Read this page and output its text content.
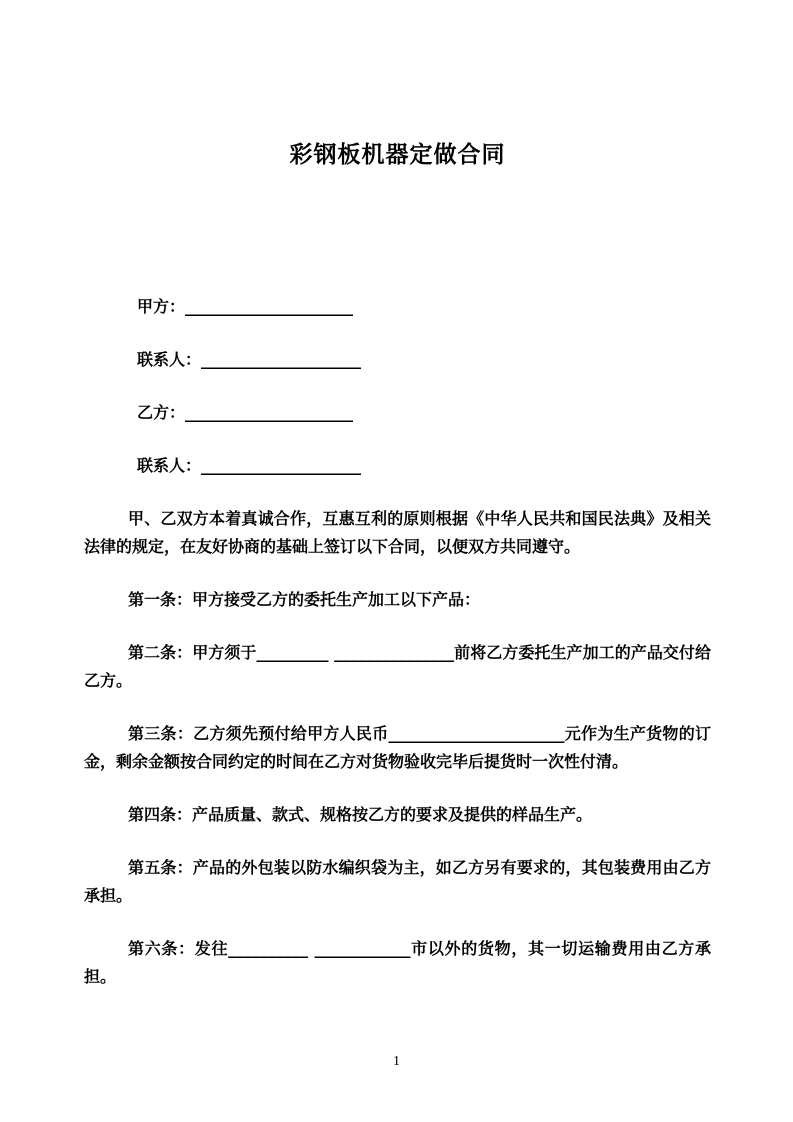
彩钢板机器定做合同

甲方：_____________________

联系人：____________________

乙方：_____________________

联系人：____________________

甲、乙双方本着真诚合作，互惠互利的原则根据《中华人民共和国民法典》及相关法律的规定，在友好协商的基础上签订以下合同，以便双方共同遵守。

第一条：甲方接受乙方的委托生产加工以下产品：

第二条：甲方须于_________ _______________前将乙方委托生产加工的产品交付给乙方。

第三条：乙方须先预付给甲方人民币______________________元作为生产货物的订金，剩余金额按合同约定的时间在乙方对货物验收完毕后提货时一次性付清。

第四条：产品质量、款式、规格按乙方的要求及提供的样品生产。

第五条：产品的外包装以防水编织袋为主，如乙方另有要求的，其包装费用由乙方承担。

第六条：发往__________ ____________市以外的货物，其一切运输费用由乙方承担。

1
